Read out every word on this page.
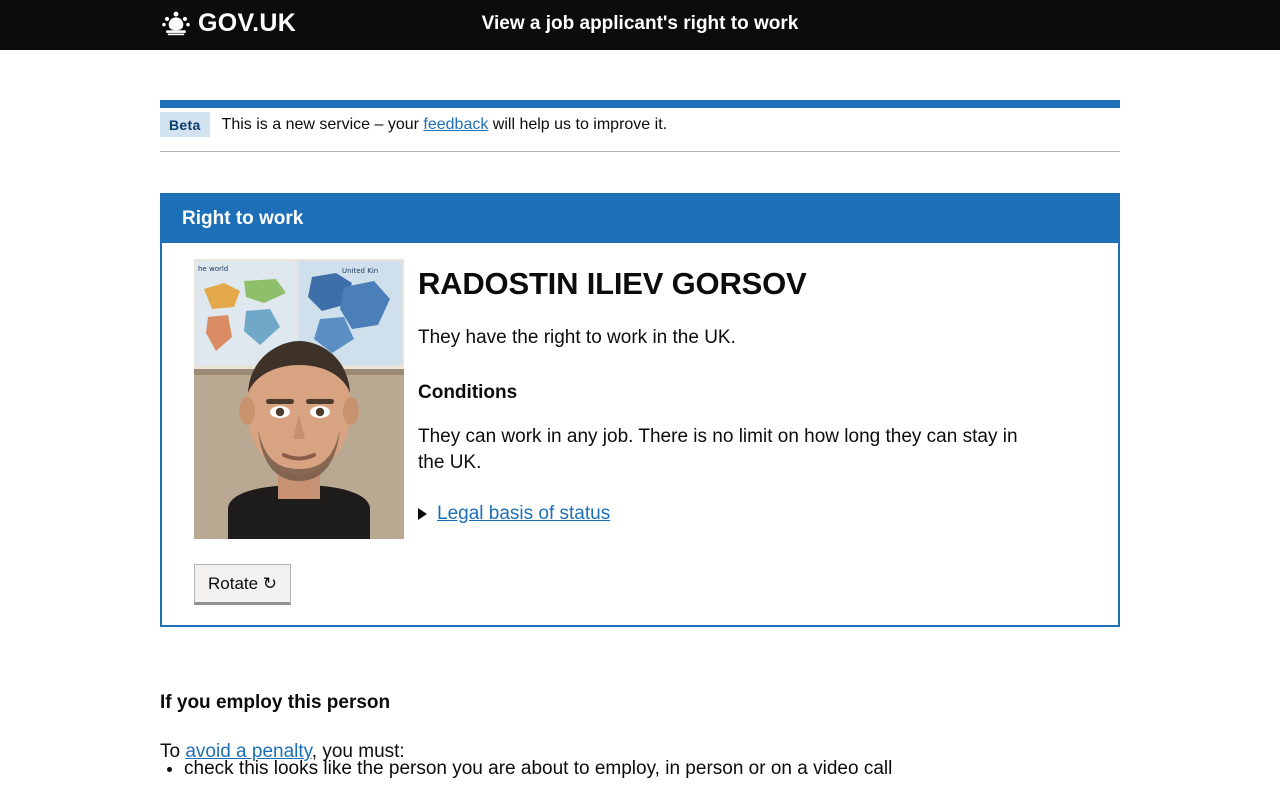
GOV.UK	View a job applicant's right to work
Beta	This is a new service – your feedback will help us to improve it.
Right to work
United Kin
he world
Rotate ↻
RADOSTIN ILIEV GORSOV

They have the right to work in the UK.

Conditions

They can work in any job. There is no limit on how long they can stay in the UK.

Legal basis of status
If you employ this person

To avoid a penalty, you must:

• check this looks like the person you are about to employ, in person or on a video call
